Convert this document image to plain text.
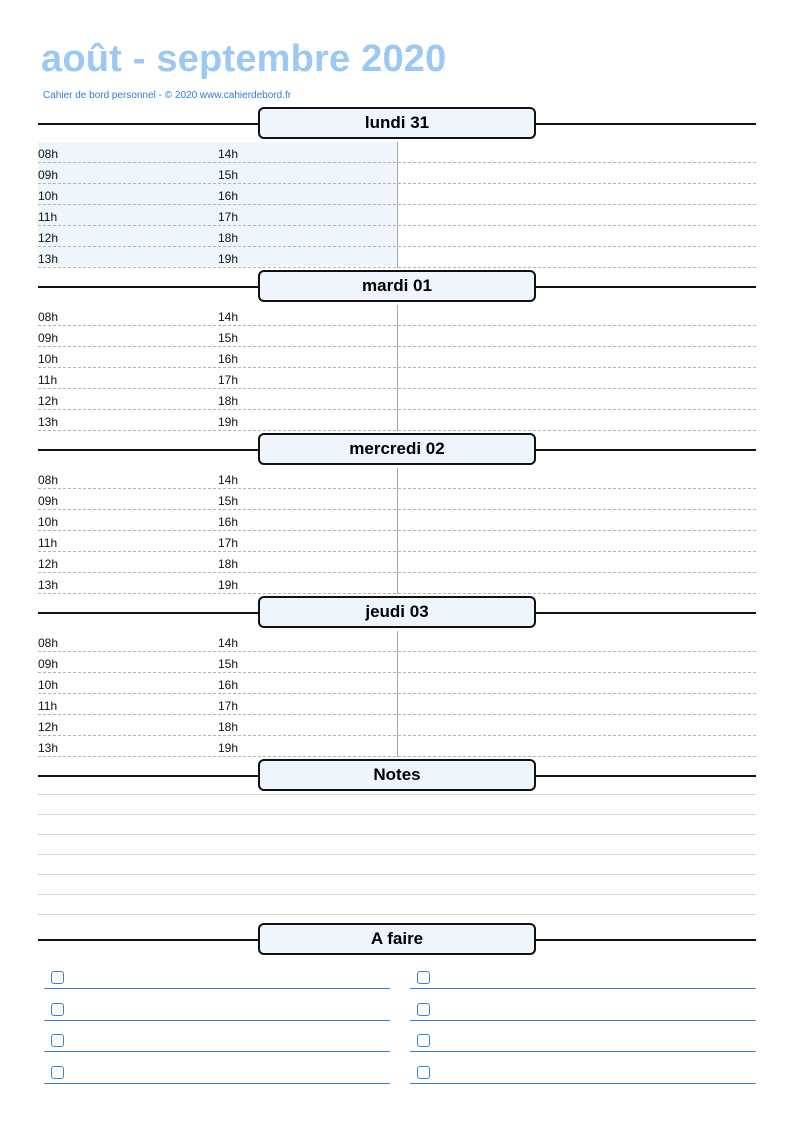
août - septembre 2020
Cahier de bord personnel - © 2020 www.cahierdebord.fr
lundi 31
08h	14h
09h	15h
10h	16h
11h	17h
12h	18h
13h	19h
mardi 01
08h	14h
09h	15h
10h	16h
11h	17h
12h	18h
13h	19h
mercredi 02
08h	14h
09h	15h
10h	16h
11h	17h
12h	18h
13h	19h
jeudi 03
08h	14h
09h	15h
10h	16h
11h	17h
12h	18h
13h	19h
Notes
A faire
